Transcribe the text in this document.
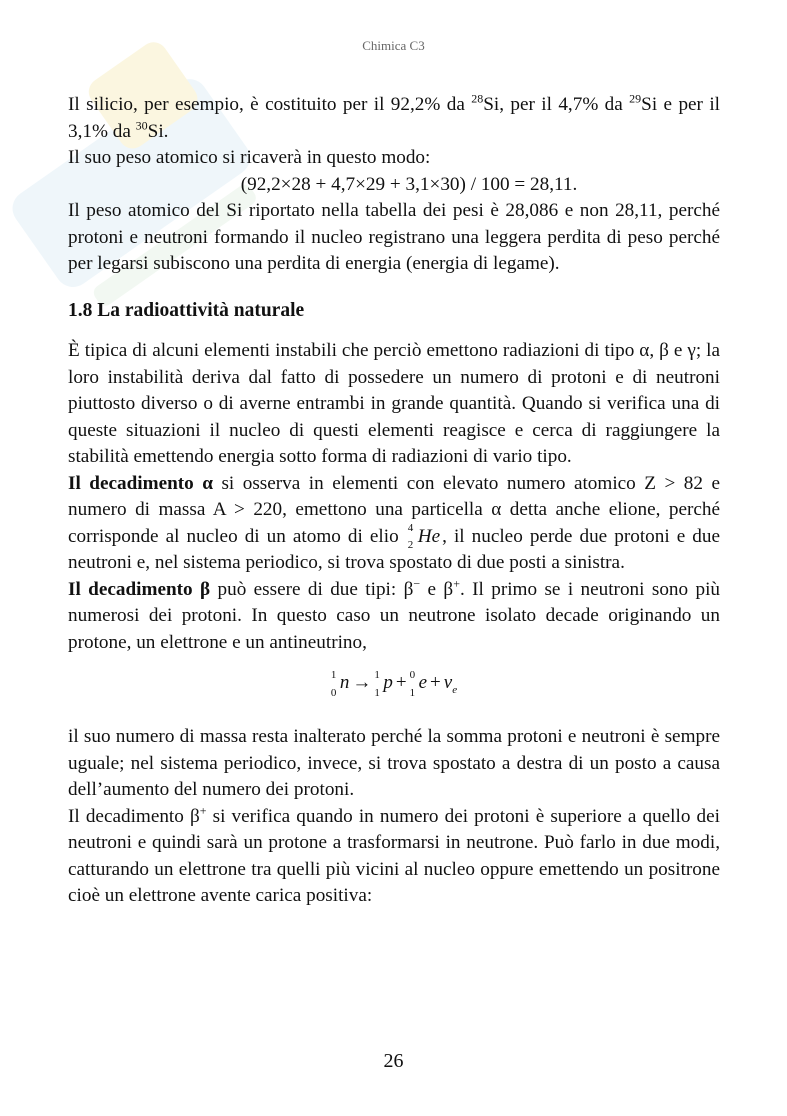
Chimica C3

Il silicio, per esempio, è costituito per il 92,2% da $^{28}$Si, per il 4,7% da $^{29}$Si e per il 3,1% da $^{30}$Si.

Il suo peso atomico si ricaverà in questo modo:

(92,2×28 + 4,7×29 + 3,1×30) / 100 = 28,11.

Il peso atomico del Si riportato nella tabella dei pesi è 28,086 e non 28,11, perché protoni e neutroni formando il nucleo registrano una leggera perdita di peso perché per legarsi subiscono una perdita di energia (energia di legame).

1.8 La radioattività naturale

È tipica di alcuni elementi instabili che perciò emettono radiazioni di tipo α, β e γ; la loro instabilità deriva dal fatto di possedere un numero di protoni e di neutroni piuttosto diverso o di averne entrambi in grande quantità. Quando si verifica una di queste situazioni il nucleo di questi elementi reagisce e cerca di raggiungere la stabilità emettendo energia sotto forma di radiazioni di vario tipo.

Il decadimento α si osserva in elementi con elevato numero atomico Z > 82 e numero di massa A > 220, emettono una particella α detta anche elione, perché corrisponde al nucleo di un atomo di elio 4
2 He , il nucleo perde due protoni e due neutroni e, nel sistema periodico, si trova spostato di due posti a sinistra.

Il decadimento β può essere di due tipi: β− e β+. Il primo se i neutroni sono più numerosi dei protoni. In questo caso un neutrone isolato decade originando un protone, un elettrone e un antineutrino,

1
0 n → 1
1 p + 0
1 $e + v_e$

il suo numero di massa resta inalterato perché la somma protoni e neutroni è sempre uguale; nel sistema periodico, invece, si trova spostato a destra di un posto a causa dell’aumento del numero dei protoni.

Il decadimento β+ si verifica quando in numero dei protoni è superiore a quello dei neutroni e quindi sarà un protone a trasformarsi in neutrone. Può farlo in due modi, catturando un elettrone tra quelli più vicini al nucleo oppure emettendo un positrone cioè un elettrone avente carica positiva:

26
